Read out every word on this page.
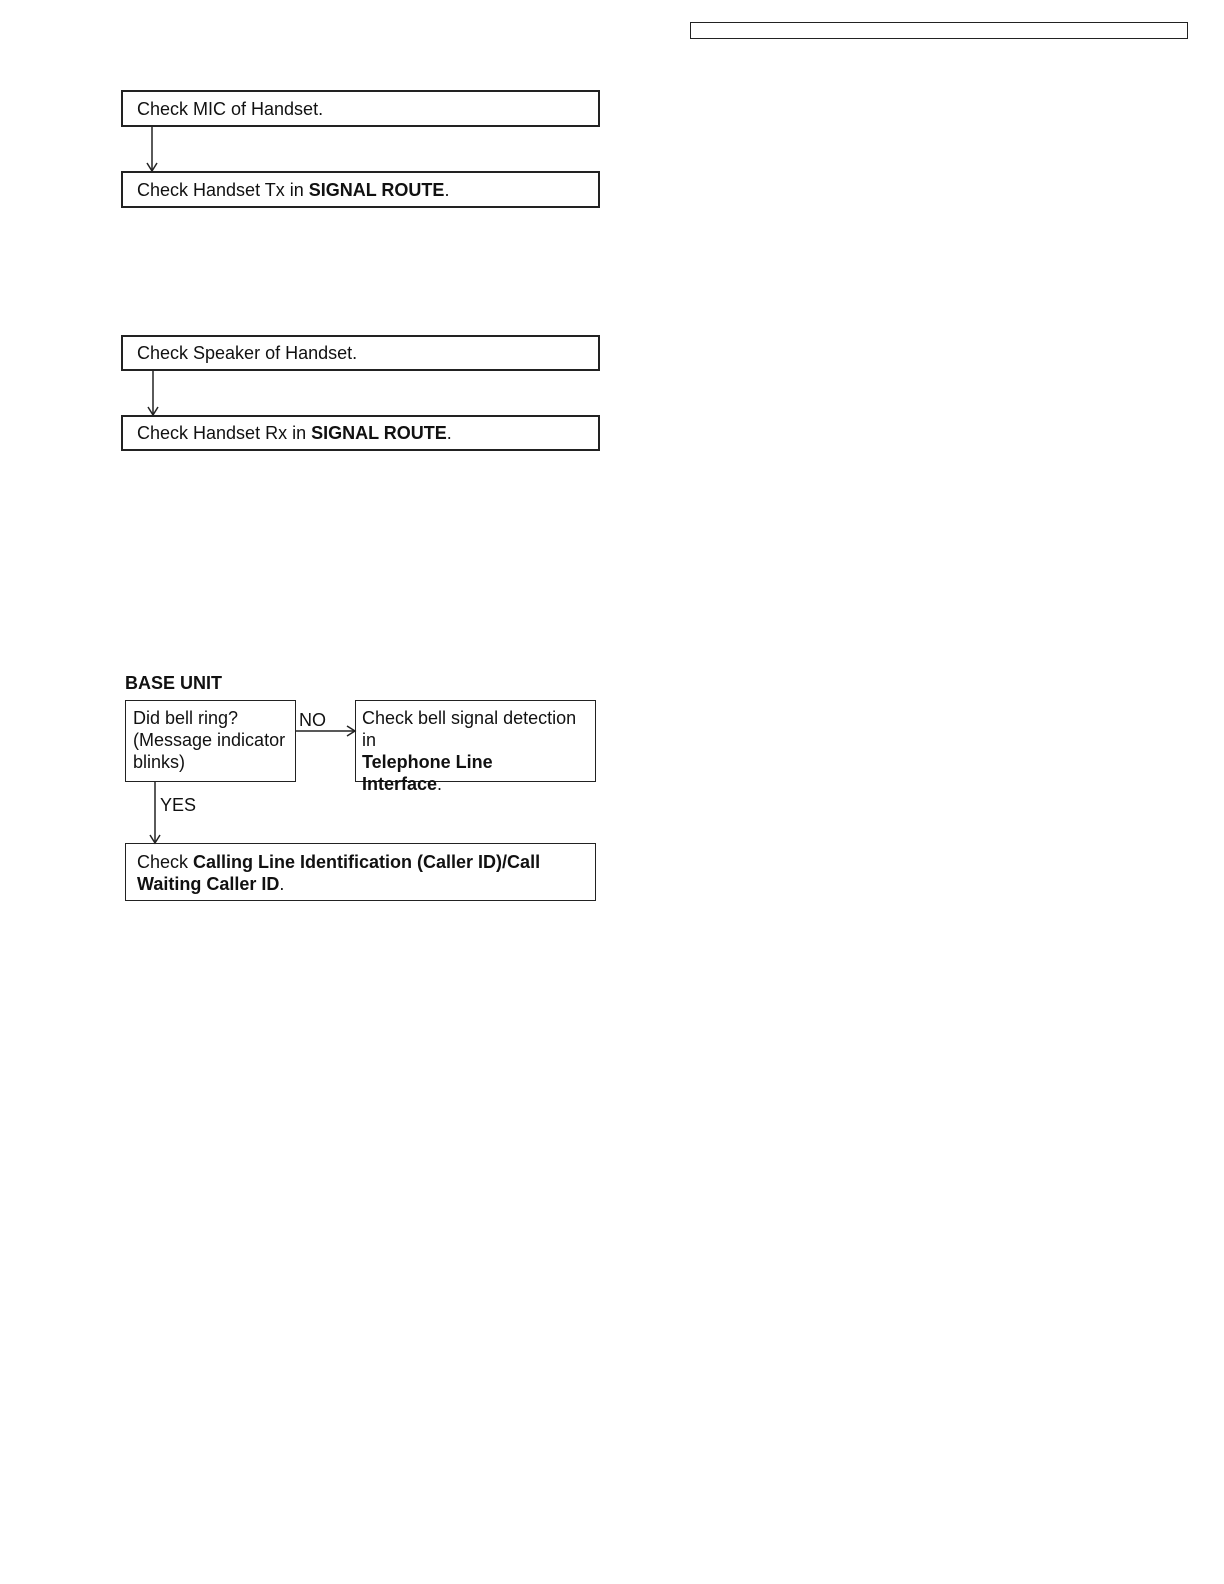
Check MIC of Handset.
Check Handset Tx in SIGNAL ROUTE .
Check Speaker of Handset.
Check Handset Rx in SIGNAL ROUTE .
BASE UNIT
Did bell ring?
(Message indicator
blinks)
NO Check bell signal detection in
Telephone Line
Interface.
YES
Check Calling Line Identification (Caller ID)/Call
Waiting Caller ID.
